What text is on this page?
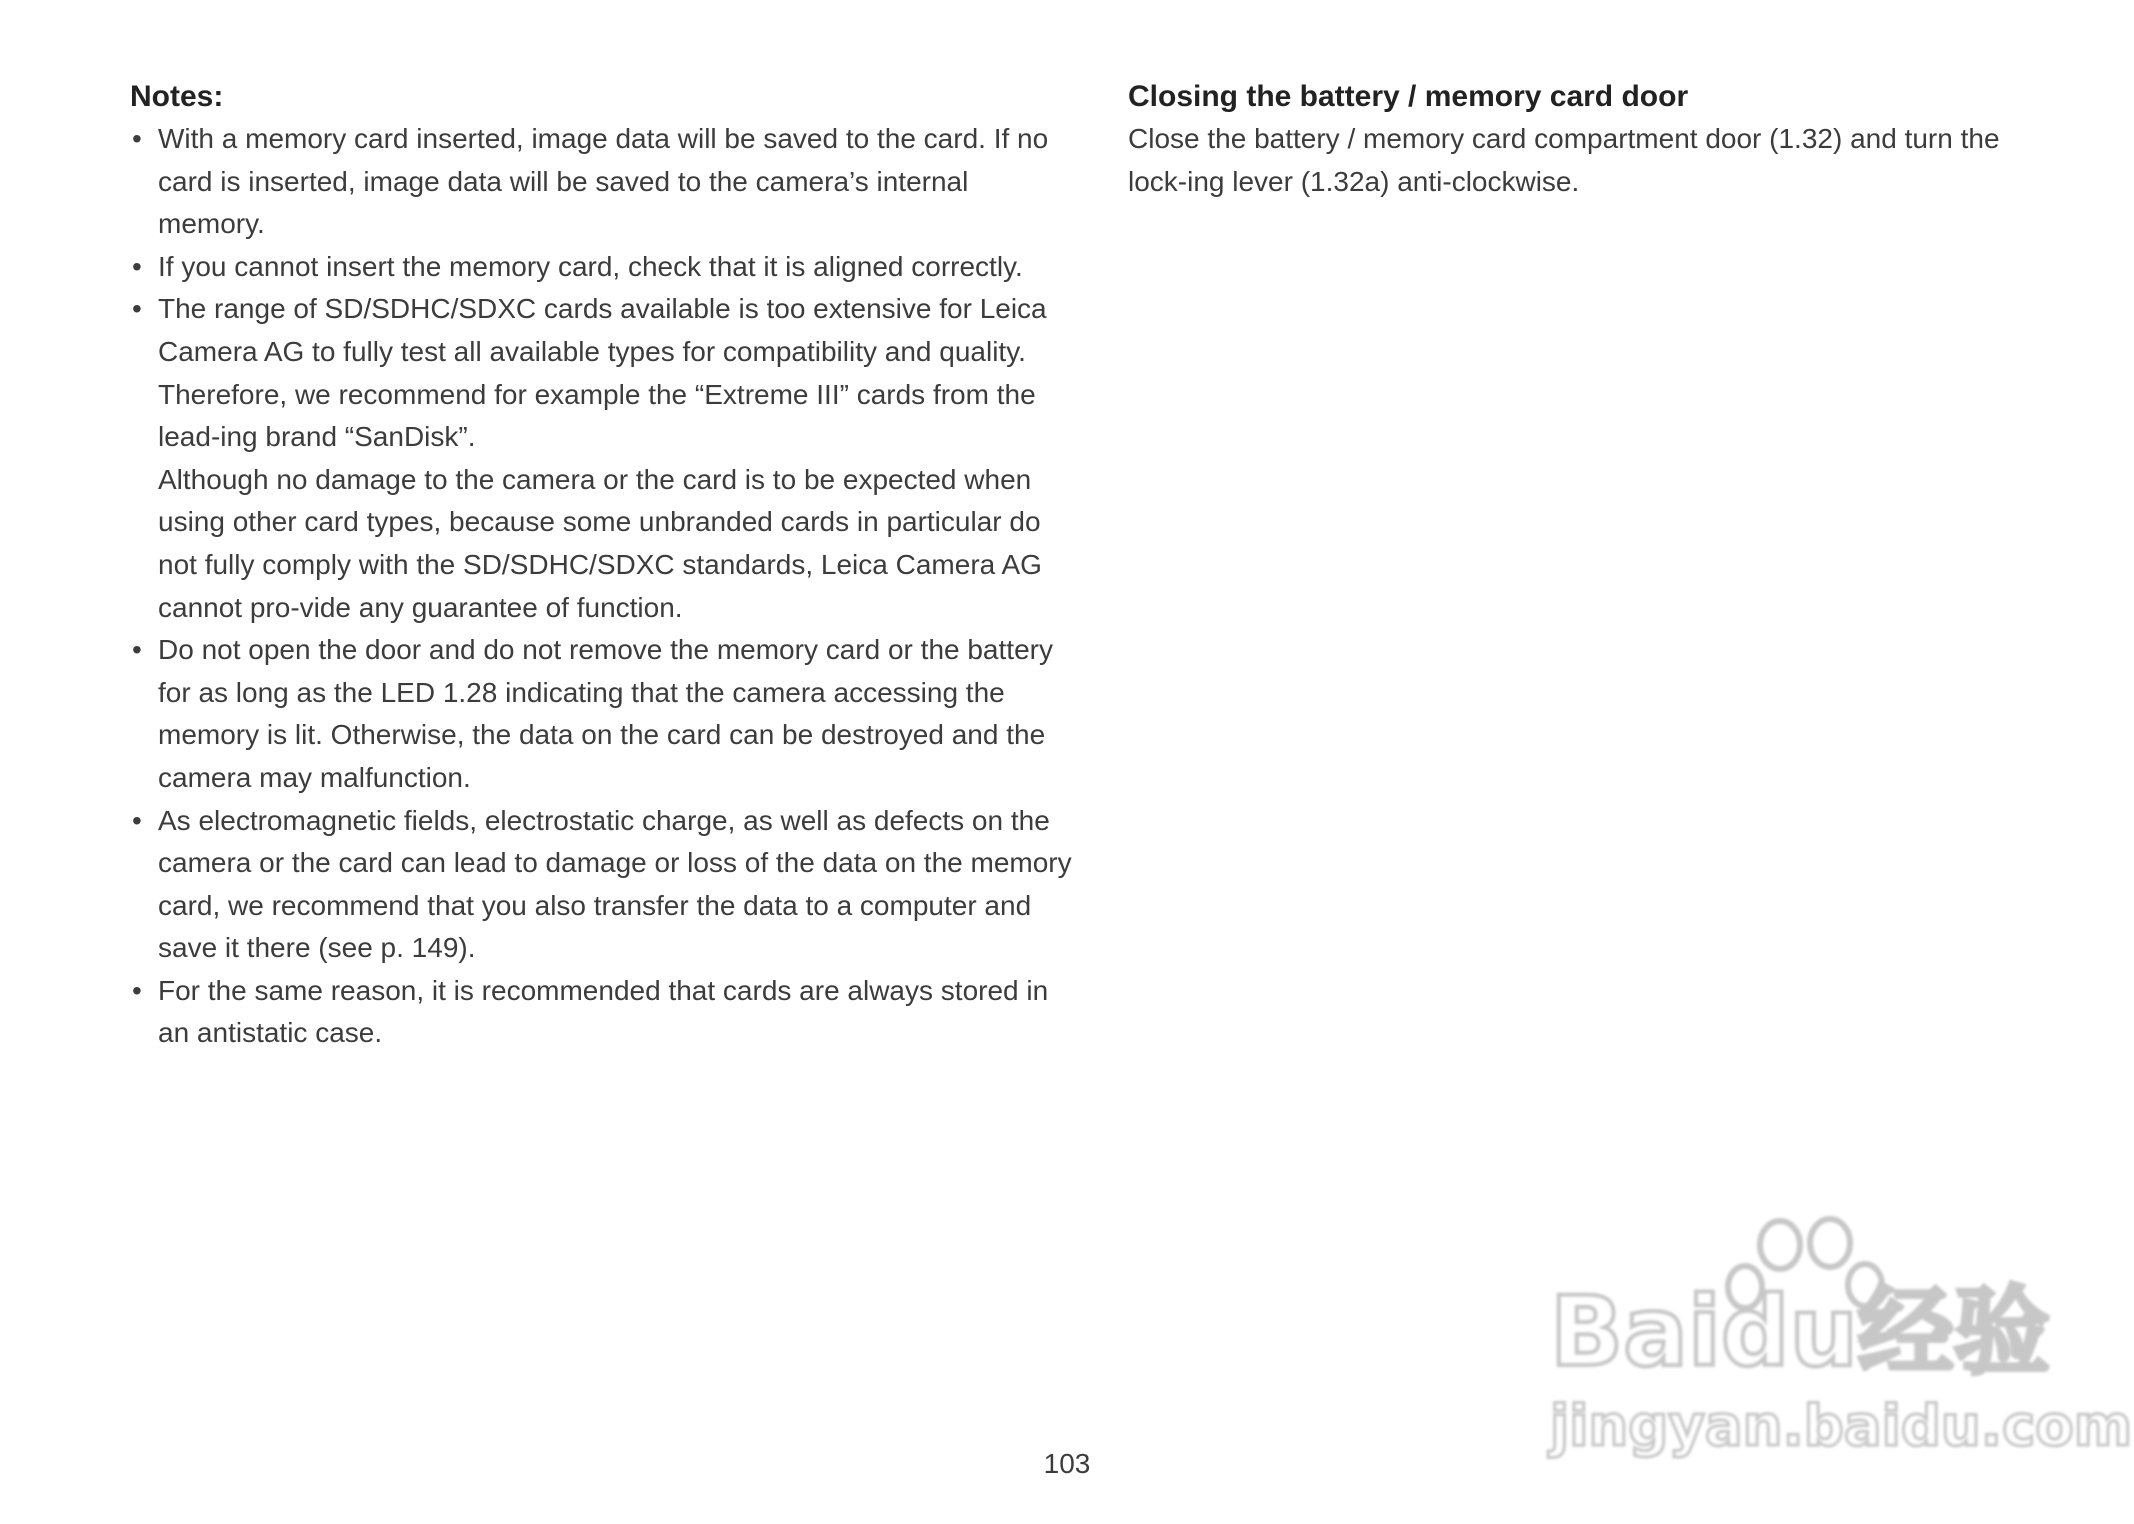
Notes:
• With a memory card inserted, image data will be saved to the card. If no card is inserted, image data will be saved to the camera’s internal memory.

• If you cannot insert the memory card, check that it is aligned correctly.

• The range of SD/SDHC/SDXC cards available is too extensive for Leica Camera AG to fully test all available types for compatibility and quality. Therefore, we recommend for example the “Extreme III” cards from the lead-ing brand “SanDisk”.

Although no damage to the camera or the card is to be expected when using other card types, because some unbranded cards in particular do not fully comply with the SD/SDHC/SDXC standards, Leica Camera AG cannot pro-vide any guarantee of function.

• Do not open the door and do not remove the memory card or the battery for as long as the LED 1.28 indicating that the camera accessing the memory is lit. Otherwise, the data on the card can be destroyed and the camera may malfunction.

• As electromagnetic fields, electrostatic charge, as well as defects on the camera or the card can lead to damage or loss of the data on the memory card, we recommend that you also transfer the data to a computer and save it there (see p. 149).

• For the same reason, it is recommended that cards are always stored in an antistatic case.

Closing the battery / memory card door

Close the battery / memory card compartment door (1.32) and turn the lock-ing lever (1.32a) anti-clockwise.

103
Baidu经验
jingyan.baidu.com
